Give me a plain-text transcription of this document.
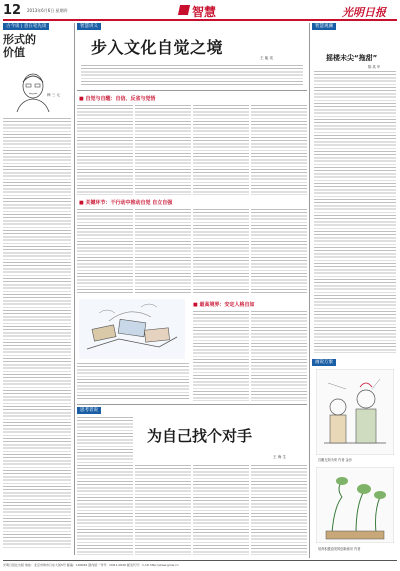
12 2013年6月6日 星期四	智慧	光明日报
古今谈 | 意在笔先谈
形式的
价值
韩 三 元
智慧讲义
步入文化自觉之境
王 能 宪
■ 自觉与自醒：自信、反省与觉悟
■ 关键环节：干行动中推动自觉 自立自强
■ 最高境界：安定人格自如
智慧观澜
摇楼未尖“拖甜”
陈 其 华
画说万象
自酿无知为荣 作者 金沙
培育积极奋发的创新意识 作者
思考者说
为自己找个对手
王 海 生
光明日报社出版 地址：北京市珠市口东大街5号 邮编：100062 国内统一刊号：CN11-0026 邮发代号：1-16 http://www.gmw.cn
